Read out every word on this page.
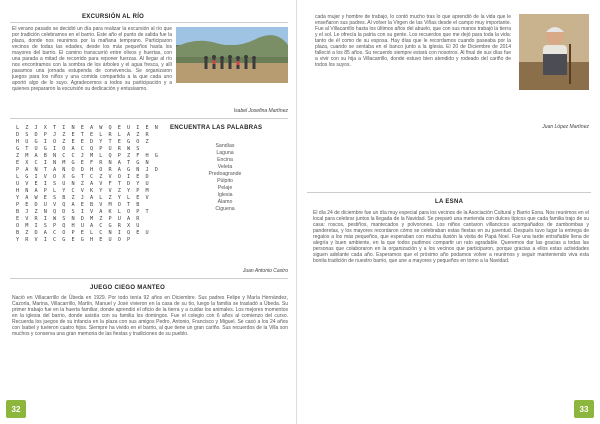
EXCURSIÓN AL RÍO
El verano pasado se decidió un día para realizar la excursión al río que por tradición celebramos en el barrio. Este año el punto de salida fue la plaza, donde nos reunimos por la mañana temprano. Participaron vecinos de todas las edades, desde los más pequeños hasta los mayores del barrio. El camino transcurrió entre olivos y huertas, con una parada a mitad de recorrido para reponer fuerzas. Al llegar al río nos encontramos con la sombra de los árboles y el agua fresca, y allí pasamos una jornada estupenda de convivencia. Se organizaron juegos para los niños y una comida compartida a la que cada uno aportó algo de lo suyo. Agradecemos a todos su participación y a quienes prepararon la excursión su dedicación y entusiasmo.
Isabel Josefina Martínez
ENCUENTRA LAS PALABRAS
L Z J X T I N E A W Q E U I E N
D S D P J Z E T E L R L A Z R
H U G I O Z E E D Y T E G O Z
G T U G I O A C Q P U R W S
Z M A B N C C J M L Q P Z F H G
E X C I N M G E F R N A T G N
P A N T A N O D H O R A G N J D
L G I V O X G T C Z V O I E D
U V E I S U N Z A V F T D Y U
H N A P L Y C V K Y V Z Y P M
Y A W E S B Z J A L Z Y L E V
P E D U V Q A E B V M O T B
B J Z N Q D S I V A K L O P T
E V R I W S N D M Z P U A R
O M I S P Q H U A C G R X U
B Z D A C O P E L C N I Q E U
Y R V I C G E G H E U O P
Sandías
Laguna
Encina
Veleta
Predoagrande
Púlpito
Pelaje
Iglesia
Álamo
Ciguena
Juan Antonio Castro
JUEGO CIEGO MANTEO
Nació en Villacarrillo de Úbeda en 1929. Por todo tenía 92 años en Diciembre. Sus padres Felipe y María Hernández, Cazorla, Marina, Villacarrillo, Martín, Manuel y José vivieron en la casa de su tío, luego la familia se trasladó a Úbeda. Su primer trabajo fue en la huerta familiar, donde aprendió el oficio de la tierra y a cuidar los animales. Los mejores momentos en la iglesia del barrio, donde asistía con su familia los domingos. Fue el colegio con 6 años al comienzo del curso. Recuerda los juegos de su infancia en la plaza con sus amigos Pedro, Antonio, Francisco y Miguel. Se casó a los 24 años con Isabel y tuvieron cuatro hijos. Siempre ha vivido en el barrio, al que tiene un gran cariño. Sus recuerdos de la Villa son muchos y conserva una gran memoria de las fiestas y tradiciones de su pueblo.
32
cada mujer y hombre de trabajo, lo contó mucho tras lo que aprendió de la vida que le enseñaron sus padres. Al volver la Virgen de las Viñas desde el campo muy importante. Fue al Villacarrillo hasta los últimos años del abuelo, que con sus manos trabajó la tierra y el sol. Le ofrecía la patria con su gente. Los recuerdos que me dejó para toda la vida: tanto de él como de su esposa. Hay días que le recordamos cuando paseaba por la plaza, cuando se sentaba en el banco junto a la iglesia. El 20 de Diciembre de 2014 falleció a los 85 años. Su recuerdo siempre estará con nosotros. Al final de sus días fue a vivir con su hija a Villacarrillo, donde estuvo bien atendido y rodeado del cariño de todos los suyos.
Juan López Martínez
LA ESNA
El día 24 de diciembre fue un día muy especial para los vecinos de la Asociación Cultural y Barrio Esna. Nos reunimos en el local para celebrar juntos la llegada de la Navidad. Se preparó una merienda con dulces típicos que cada familia trajo de su casa: roscos, pestiños, mantecados y polvorones. Los niños cantaron villancicos acompañados de zambombas y panderetas, y los mayores recordaron cómo se celebraban estas fiestas en su juventud. Después tuvo lugar la entrega de regalos a los más pequeños, que esperaban con mucha ilusión la visita de Papá Noel. Fue una tarde entrañable llena de alegría y buen ambiente, en la que todos pudimos compartir un rato agradable. Queremos dar las gracias a todas las personas que colaboraron en la organización y a los vecinos que participaron, porque gracias a ellos estas actividades siguen adelante cada año. Esperamos que el próximo año podamos volver a reunirnos y seguir manteniendo viva esta bonita tradición de nuestro barrio, que une a mayores y pequeños en torno a la Navidad.
33
